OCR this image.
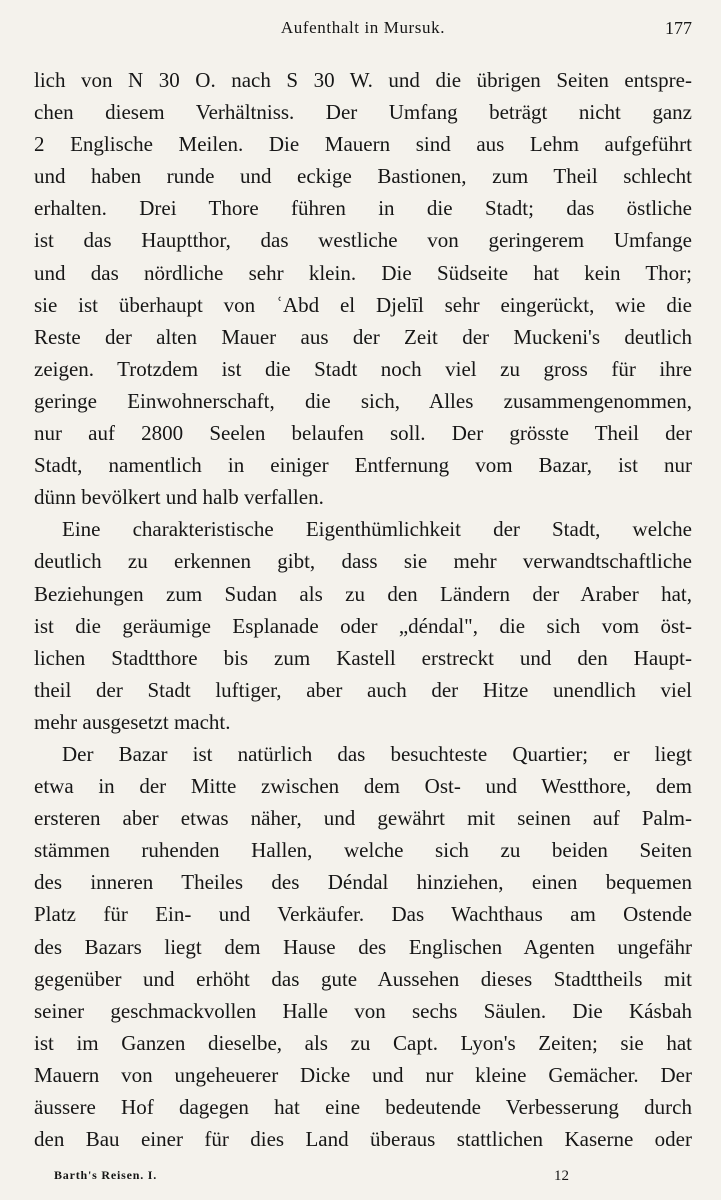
Aufenthalt in Mursuk.	177
lich von N 30 O. nach S 30 W. und die übrigen Seiten entspre-
chen diesem Verhältniss. Der Umfang beträgt nicht ganz
2 Englische Meilen. Die Mauern sind aus Lehm aufgeführt
und haben runde und eckige Bastionen, zum Theil schlecht
erhalten. Drei Thore führen in die Stadt; das östliche
ist das Hauptthor, das westliche von geringerem Umfange
und das nördliche sehr klein. Die Südseite hat kein Thor;
sie ist überhaupt von ʿAbd el Djelīl sehr eingerückt, wie die
Reste der alten Mauer aus der Zeit der Muckeni's deutlich
zeigen. Trotzdem ist die Stadt noch viel zu gross für ihre
geringe Einwohnerschaft, die sich, Alles zusammengenommen,
nur auf 2800 Seelen belaufen soll. Der grösste Theil der
Stadt, namentlich in einiger Entfernung vom Bazar, ist nur
dünn bevölkert und halb verfallen.
Eine charakteristische Eigenthümlichkeit der Stadt, welche
deutlich zu erkennen gibt, dass sie mehr verwandtschaftliche
Beziehungen zum Sudan als zu den Ländern der Araber hat,
ist die geräumige Esplanade oder „déndal", die sich vom öst-
lichen Stadtthore bis zum Kastell erstreckt und den Haupt-
theil der Stadt luftiger, aber auch der Hitze unendlich viel
mehr ausgesetzt macht.
Der Bazar ist natürlich das besuchteste Quartier; er liegt
etwa in der Mitte zwischen dem Ost- und Westthore, dem
ersteren aber etwas näher, und gewährt mit seinen auf Palm-
stämmen ruhenden Hallen, welche sich zu beiden Seiten
des inneren Theiles des Déndal hinziehen, einen bequemen
Platz für Ein- und Verkäufer. Das Wachthaus am Ostende
des Bazars liegt dem Hause des Englischen Agenten ungefähr
gegenüber und erhöht das gute Aussehen dieses Stadttheils mit
seiner geschmackvollen Halle von sechs Säulen. Die Kásbah
ist im Ganzen dieselbe, als zu Capt. Lyon's Zeiten; sie hat
Mauern von ungeheuerer Dicke und nur kleine Gemächer. Der
äussere Hof dagegen hat eine bedeutende Verbesserung durch
den Bau einer für dies Land überaus stattlichen Kaserne oder
Barth's Reisen. I.	12
